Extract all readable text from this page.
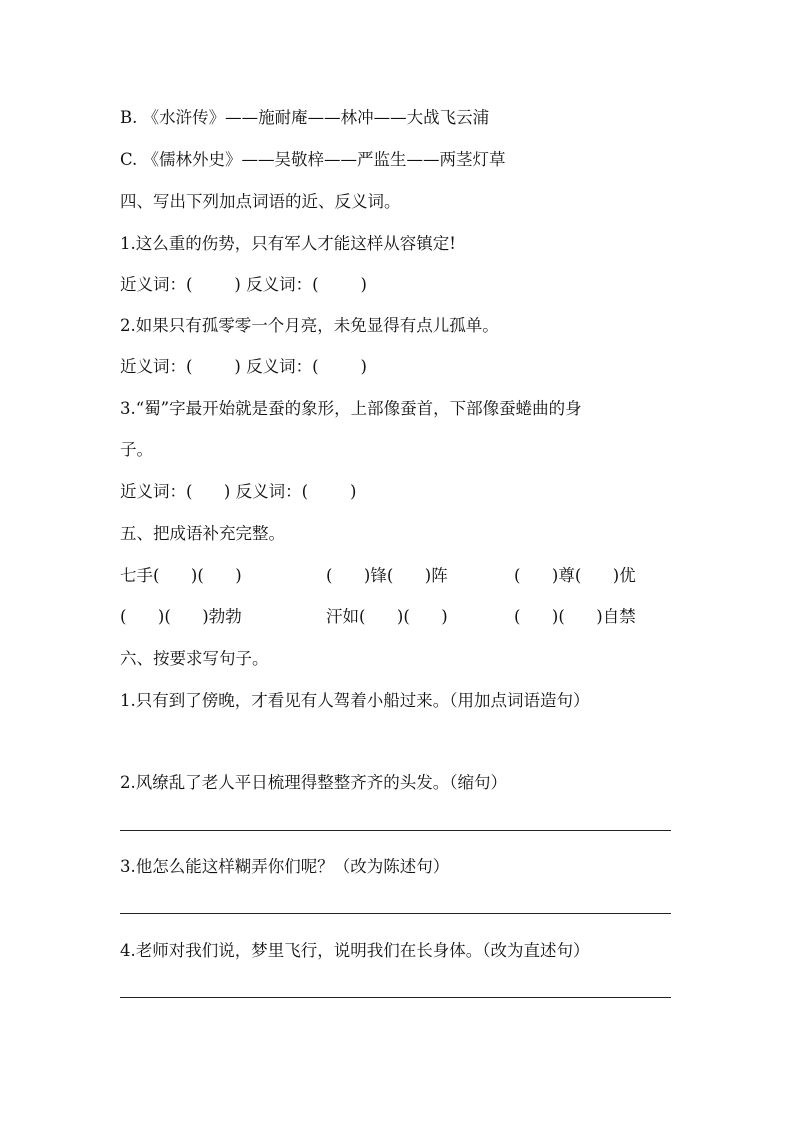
B. 《水浒传》——施耐庵——林冲——大战飞云浦
C. 《儒林外史》——吴敬梓——严监生——两茎灯草
四、写出下列加点词语的近、反义词。
1.这么重的伤势，只有军人才能这样从容镇定!
近义词：(        ) 反义词：(        )
2.如果只有孤零零一个月亮，未免显得有点儿孤单。
近义词：(        ) 反义词：(        )
3.“蜀”字最开始就是蚕的象形，上部像蚕首，下部像蚕蜷曲的身
子。
近义词：(      ) 反义词：(        )
五、把成语补充完整。
七手(      )(      )	(      )锋(      )阵	(      )尊(      )优
(      )(      )勃勃	汗如(      )(      )	(      )(      )自禁
六、按要求写句子。
1.只有到了傍晚，才看见有人驾着小船过来。（用加点词语造句）
2.风缭乱了老人平日梳理得整整齐齐的头发。（缩句）
3.他怎么能这样糊弄你们呢？（改为陈述句）
4.老师对我们说，梦里飞行，说明我们在长身体。（改为直述句）
